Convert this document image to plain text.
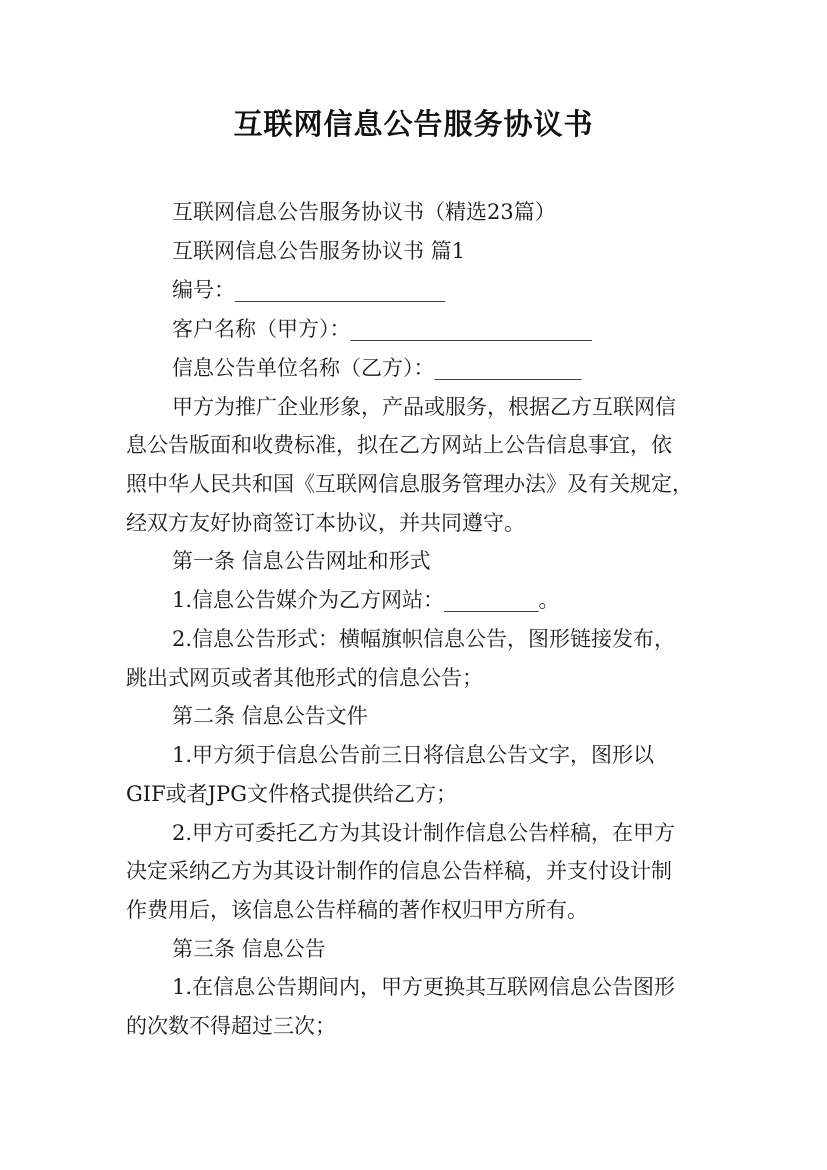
互联网信息公告服务协议书
互联网信息公告服务协议书（精选23篇）
互联网信息公告服务协议书 篇1
编号：____________________
客户名称（甲方）：_______________________
信息公告单位名称（乙方）：______________
甲方为推广企业形象，产品或服务，根据乙方互联网信
息公告版面和收费标准，拟在乙方网站上公告信息事宜，依
照中华人民共和国《互联网信息服务管理办法》及有关规定，
经双方友好协商签订本协议，并共同遵守。
第一条 信息公告网址和形式
1.信息公告媒介为乙方网站：_________。
2.信息公告形式：横幅旗帜信息公告，图形链接发布，
跳出式网页或者其他形式的信息公告；
第二条 信息公告文件
1.甲方须于信息公告前三日将信息公告文字，图形以
GIF或者JPG文件格式提供给乙方；
2.甲方可委托乙方为其设计制作信息公告样稿，在甲方
决定采纳乙方为其设计制作的信息公告样稿，并支付设计制
作费用后，该信息公告样稿的著作权归甲方所有。
第三条 信息公告
1.在信息公告期间内，甲方更换其互联网信息公告图形
的次数不得超过三次；
